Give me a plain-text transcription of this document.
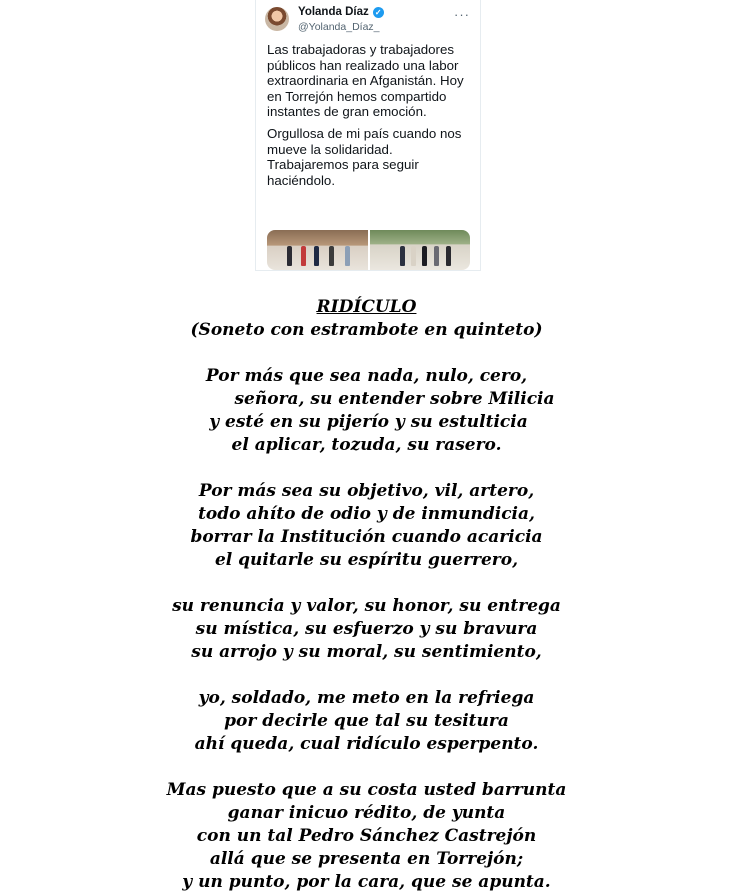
Yolanda Díaz ✓
@Yolanda_Díaz_
···

Las trabajadoras y trabajadores públicos han realizado una labor extraordinaria en Afganistán. Hoy en Torrejón hemos compartido instantes de gran emoción.

Orgullosa de mi país cuando nos mueve la solidaridad. Trabajaremos para seguir haciéndolo.

RIDÍCULO
(Soneto con estrambote en quinteto)
Por más que sea nada, nulo, cero,
señora, su entender sobre Milicia
y esté en su pijerío y su estulticia
el aplicar, tozuda, su rasero.
Por más sea su objetivo, vil, artero,
todo ahíto de odio y de inmundicia,
borrar la Institución cuando acaricia
el quitarle su espíritu guerrero,
su renuncia y valor, su honor, su entrega
su mística, su esfuerzo y su bravura
su arrojo y su moral, su sentimiento,
yo, soldado, me meto en la refriega
por decirle que tal su tesitura
ahí queda, cual ridículo esperpento.
Mas puesto que a su costa usted barrunta
ganar inicuo rédito, de yunta
con un tal Pedro Sánchez Castrejón
allá que se presenta en Torrejón;
y un punto, por la cara, que se apunta.
